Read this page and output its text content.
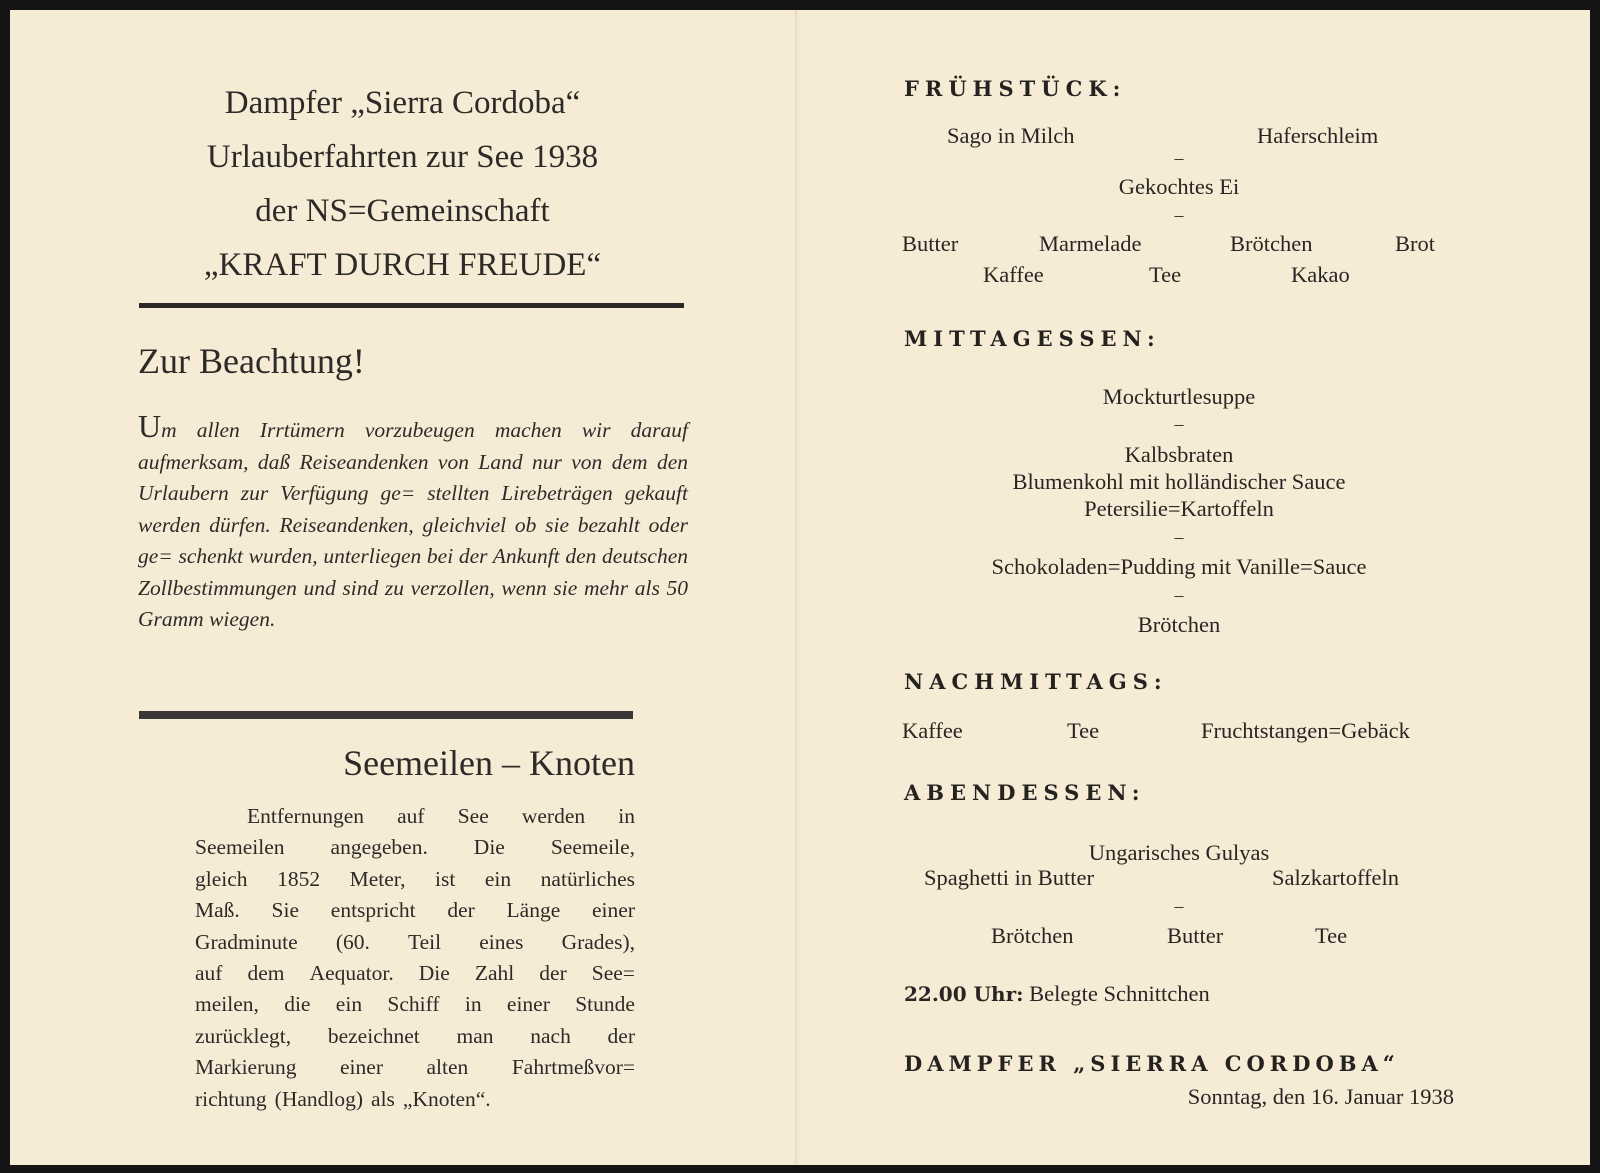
Dampfer „Sierra Cordoba“
Urlauberfahrten zur See 1938
der NS=Gemeinschaft
„KRAFT DURCH FREUDE“
Zur Beachtung!
Um allen Irrtümern vorzubeugen machen wir darauf aufmerksam, daß Reiseandenken von Land nur von dem den Urlaubern zur Verfügung ge= stellten Lirebeträgen gekauft werden dürfen. Reiseandenken, gleichviel ob sie bezahlt oder ge= schenkt wurden, unterliegen bei der Ankunft den deutschen Zollbestimmungen und sind zu verzollen, wenn sie mehr als 50 Gramm wiegen.
Seemeilen – Knoten
Entfernungen auf See werden in
Seemeilen angegeben. Die Seemeile,
gleich 1852 Meter, ist ein natürliches
Maß. Sie entspricht der Länge einer
Gradminute (60. Teil eines Grades),
auf dem Aequator. Die Zahl der See=
meilen, die ein Schiff in einer Stunde
zurücklegt, bezeichnet man nach der
Markierung einer alten Fahrtmeßvor=
richtung (Handlog) als „Knoten“.
FRÜHSTÜCK:
Sago in Milch	Haferschleim
–
Gekochtes Ei
–
Butter	Marmelade	Brötchen	Brot
Kaffee	Tee	Kakao
MITTAGESSEN:
Mockturtlesuppe
–
Kalbsbraten
Blumenkohl mit holländischer Sauce
Petersilie=Kartoffeln
–
Schokoladen=Pudding mit Vanille=Sauce
–
Brötchen
NACHMITTAGS:
Kaffee	Tee	Fruchtstangen=Gebäck
ABENDESSEN:
Ungarisches Gulyas
Spaghetti in Butter	Salzkartoffeln
–
Brötchen	Butter	Tee
22.00 Uhr: Belegte Schnittchen
DAMPFER „SIERRA CORDOBA“
Sonntag, den 16. Januar 1938
